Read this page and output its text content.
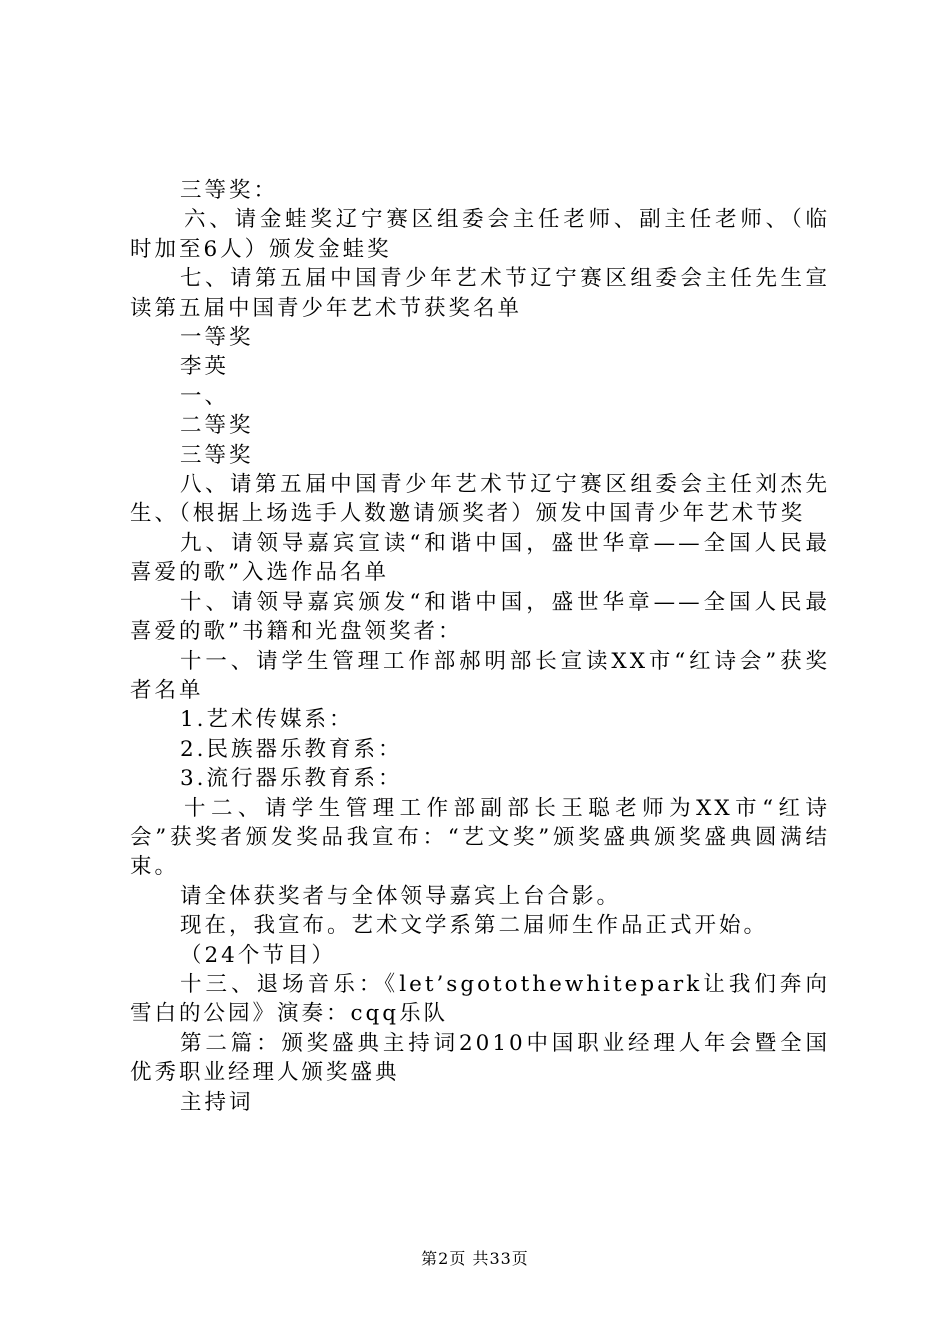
三等奖：

六、请金蛙奖辽宁赛区组委会主任老师、副主任老师、（临时加至6人）颁发金蛙奖

七、请第五届中国青少年艺术节辽宁赛区组委会主任先生宣读第五届中国青少年艺术节获奖名单

一等奖

李英

一、

二等奖

三等奖

八、请第五届中国青少年艺术节辽宁赛区组委会主任刘杰先生、（根据上场选手人数邀请颁奖者）颁发中国青少年艺术节奖

九、请领导嘉宾宣读“和谐中国，盛世华章——全国人民最喜爱的歌”入选作品名单

十、请领导嘉宾颁发“和谐中国，盛世华章——全国人民最喜爱的歌”书籍和光盘领奖者：

十一、请学生管理工作部郝明部长宣读XX市“红诗会”获奖者名单

1.艺术传媒系：

2.民族器乐教育系：

3.流行器乐教育系：

十二、请学生管理工作部副部长王聪老师为XX市“红诗会”获奖者颁发奖品我宣布：“艺文奖”颁奖盛典颁奖盛典圆满结束。

请全体获奖者与全体领导嘉宾上台合影。

现在，我宣布。艺术文学系第二届师生作品正式开始。

（24个节目）

十三、退场音乐：《let’sgotothewhitepark让我们奔向雪白的公园》演奏：cqq乐队

第二篇：颁奖盛典主持词2010中国职业经理人年会暨全国优秀职业经理人颁奖盛典

主持词

第2页 共33页
